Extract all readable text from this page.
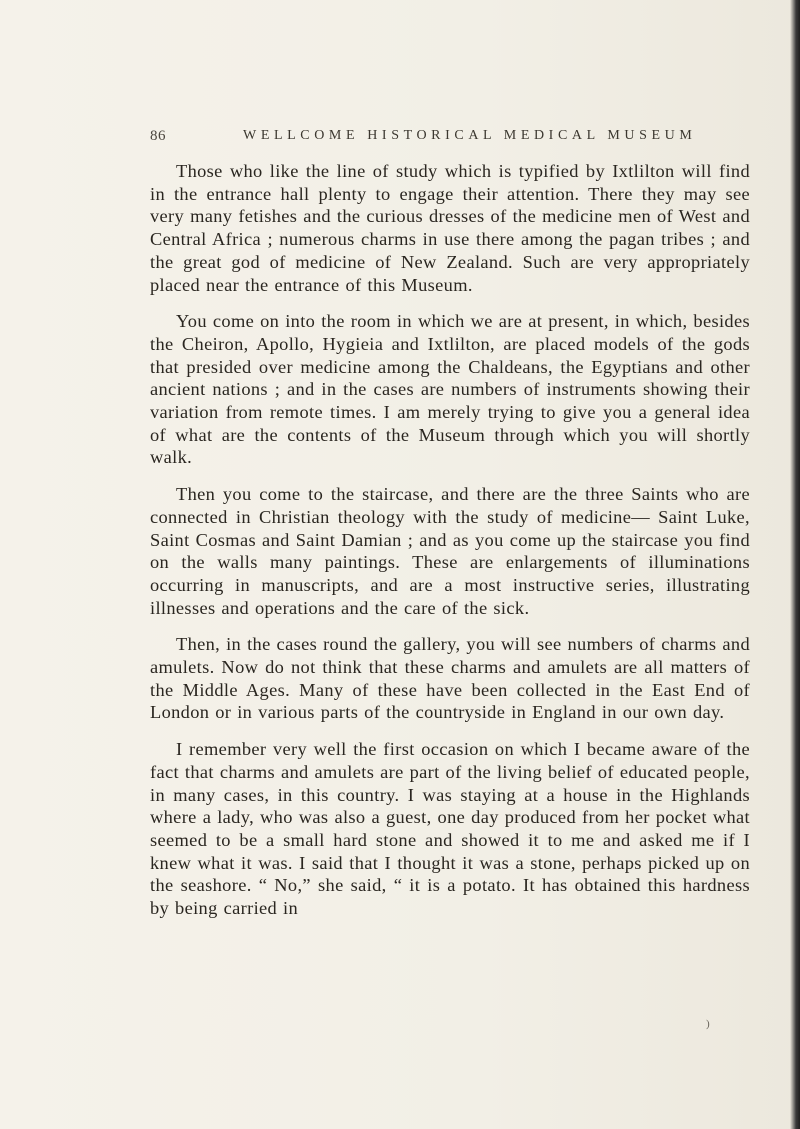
86	WELLCOME HISTORICAL MEDICAL MUSEUM

Those who like the line of study which is typified by Ixtlilton will find in the entrance hall plenty to engage their attention. There they may see very many fetishes and the curious dresses of the medicine men of West and Central Africa ; numerous charms in use there among the pagan tribes ; and the great god of medicine of New Zealand. Such are very appropriately placed near the entrance of this Museum.

You come on into the room in which we are at present, in which, besides the Cheiron, Apollo, Hygieia and Ixtlilton, are placed models of the gods that presided over medicine among the Chaldeans, the Egyptians and other ancient nations ; and in the cases are numbers of instruments showing their variation from remote times. I am merely trying to give you a general idea of what are the contents of the Museum through which you will shortly walk.

Then you come to the staircase, and there are the three Saints who are connected in Christian theology with the study of medicine— Saint Luke, Saint Cosmas and Saint Damian ; and as you come up the staircase you find on the walls many paintings. These are enlargements of illuminations occurring in manuscripts, and are a most instructive series, illustrating illnesses and operations and the care of the sick.

Then, in the cases round the gallery, you will see numbers of charms and amulets. Now do not think that these charms and amulets are all matters of the Middle Ages. Many of these have been collected in the East End of London or in various parts of the countryside in England in our own day.

I remember very well the first occasion on which I became aware of the fact that charms and amulets are part of the living belief of educated people, in many cases, in this country. I was staying at a house in the Highlands where a lady, who was also a guest, one day produced from her pocket what seemed to be a small hard stone and showed it to me and asked me if I knew what it was. I said that I thought it was a stone, perhaps picked up on the seashore. “ No,” she said, “ it is a potato. It has obtained this hardness by being carried in

)
